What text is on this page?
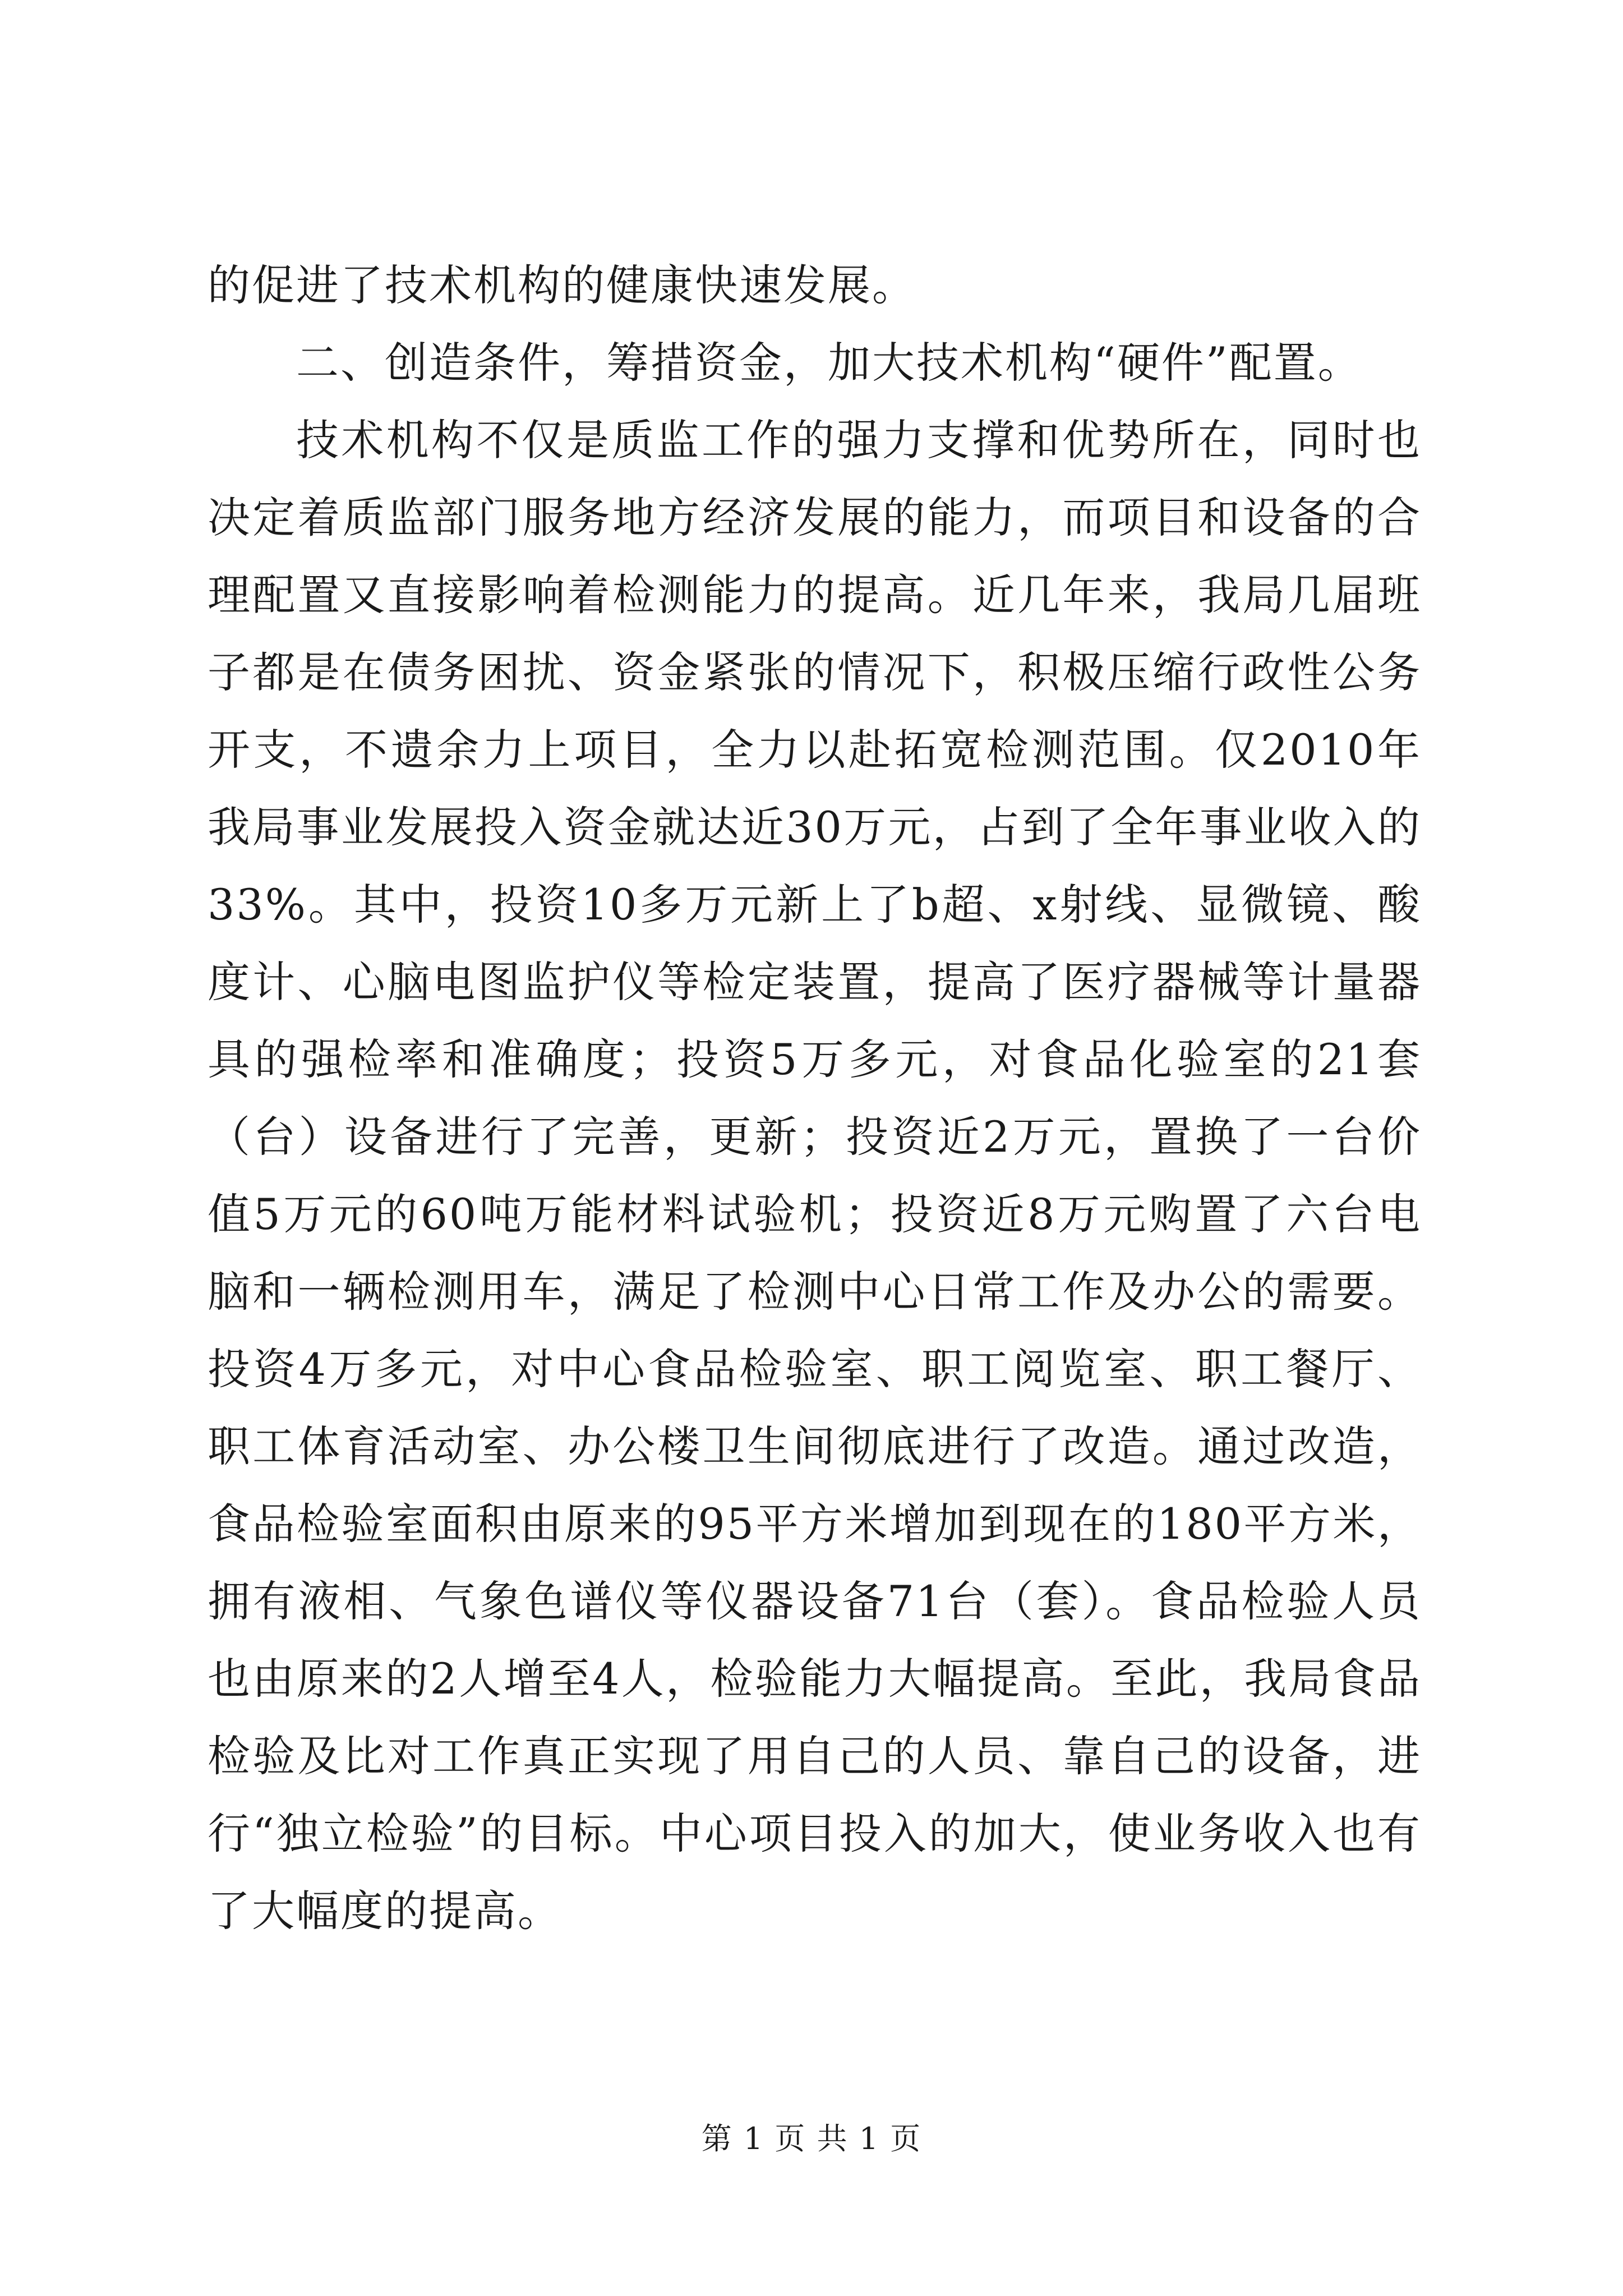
的促进了技术机构的健康快速发展。

二、创造条件，筹措资金，加大技术机构“硬件”配置。

技术机构不仅是质监工作的强力支撑和优势所在，同时也决定着质监部门服务地方经济发展的能力，而项目和设备的合理配置又直接影响着检测能力的提高。近几年来，我局几届班子都是在债务困扰、资金紧张的情况下，积极压缩行政性公务开支，不遗余力上项目，全力以赴拓宽检测范围。仅2010年我局事业发展投入资金就达近30万元，占到了全年事业收入的33%。其中，投资10多万元新上了b超、x射线、显微镜、酸度计、心脑电图监护仪等检定装置，提高了医疗器械等计量器具的强检率和准确度；投资5万多元，对食品化验室的21套（台）设备进行了完善，更新；投资近2万元，置换了一台价值5万元的60吨万能材料试验机；投资近8万元购置了六台电脑和一辆检测用车，满足了检测中心日常工作及办公的需要。投资4万多元，对中心食品检验室、职工阅览室、职工餐厅、职工体育活动室、办公楼卫生间彻底进行了改造。通过改造，食品检验室面积由原来的95平方米增加到现在的180平方米，拥有液相、气象色谱仪等仪器设备71台（套）。食品检验人员也由原来的2人增至4人，检验能力大幅提高。至此，我局食品检验及比对工作真正实现了用自己的人员、靠自己的设备，进行“独立检验”的目标。中心项目投入的加大，使业务收入也有了大幅度的提高。

第 1 页 共 1 页
